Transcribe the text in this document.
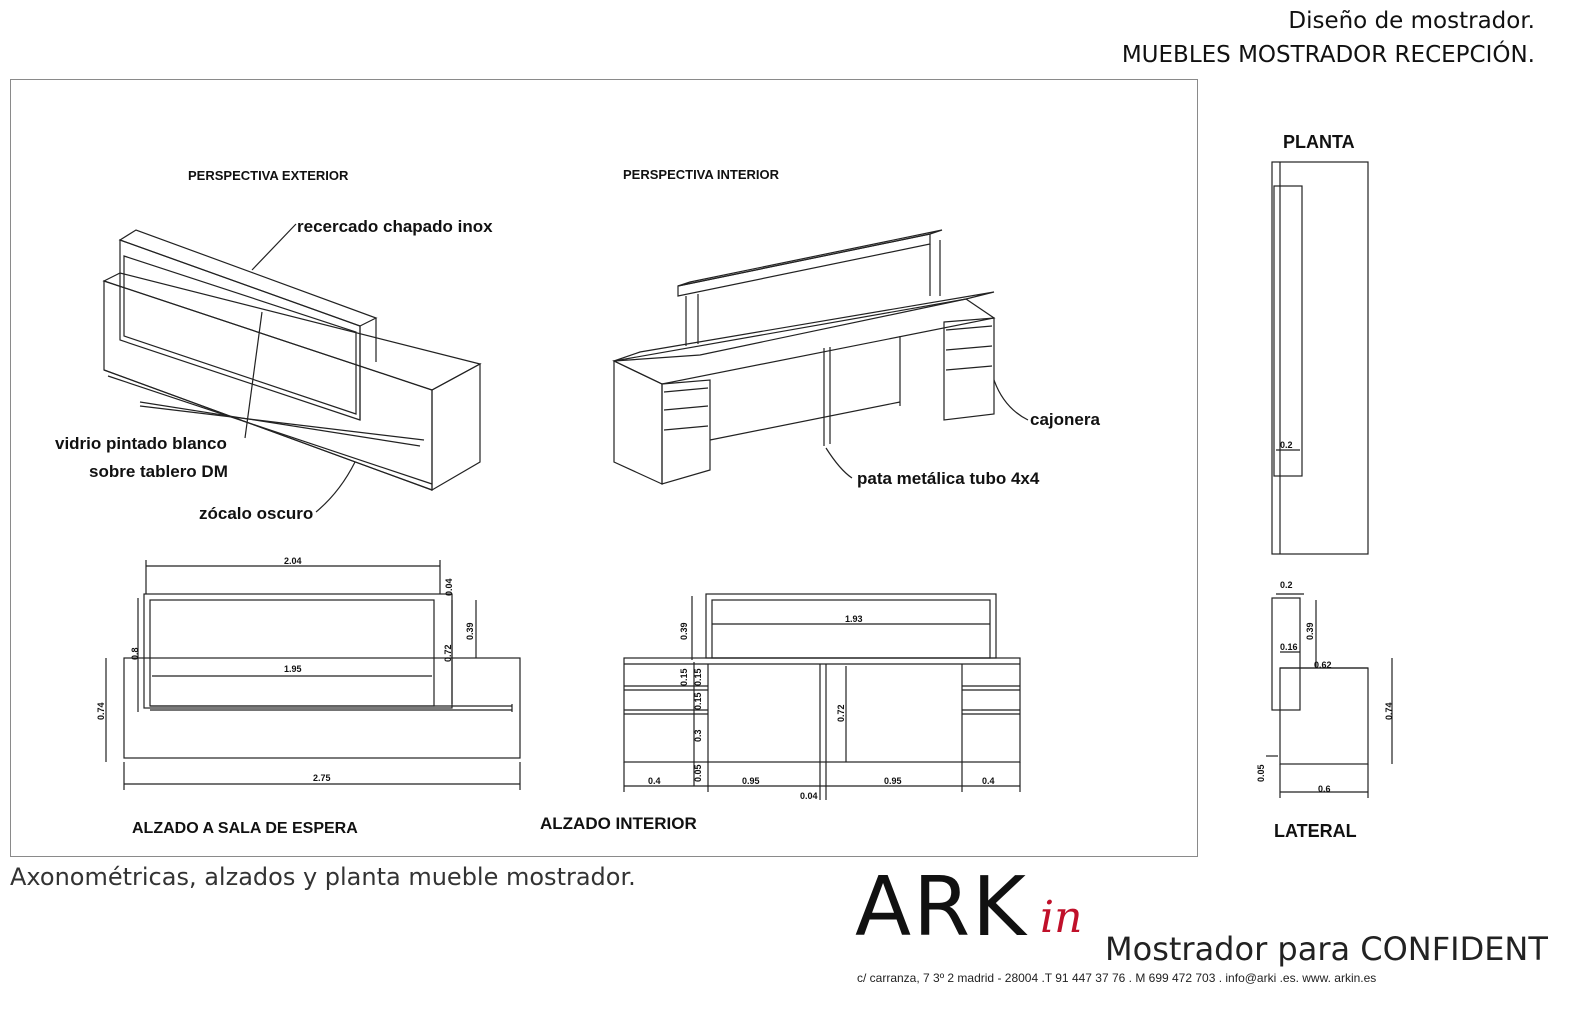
Diseño de mostrador.
MUEBLES MOSTRADOR RECEPCIÓN.
PERSPECTIVA EXTERIOR	PERSPECTIVA INTERIOR
PLANTA
ALZADO A SALA DE ESPERA	ALZADO INTERIOR	LATERAL
recercado chapado inox
vidrio pintado blanco
sobre tablero DM
zócalo oscuro
cajonera
pata metálica tubo 4x4
2.04
0.04
0.39
0.8	0.72
1.95
0.74
2.75
0.39
1.93
0.15
0.15
0.15
0.3
0.05
0.72
0.4	0.95	0.95	0.4
0.04
0.2
0.2
0.39
0.16
0.62
0.74
0.05
0.6
Axonométricas, alzados y planta mueble mostrador.	ARK in
Mostrador para CONFIDENT
c/ carranza, 7 3º 2 madrid - 28004 .T 91 447 37 76 . M 699 472 703 . info@arki .es. www. arkin.es
